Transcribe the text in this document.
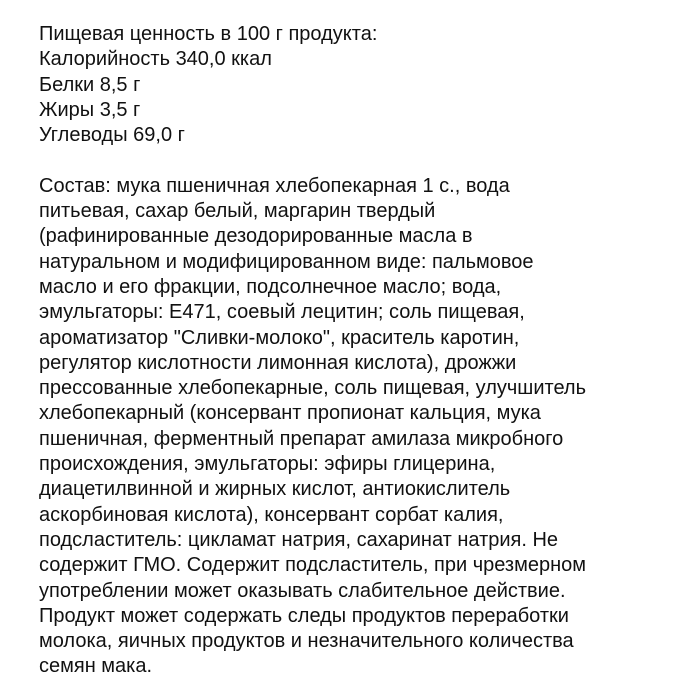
Пищевая ценность в 100 г продукта:
Калорийность 340,0 ккал
Белки 8,5 г
Жиры 3,5 г
Углеводы 69,0 г
Состав: мука пшеничная хлебопекарная 1 с., вода
питьевая, сахар белый, маргарин твердый
(рафинированные дезодорированные масла в
натуральном и модифицированном виде: пальмовое
масло и его фракции, подсолнечное масло; вода,
эмульгаторы: Е471, соевый лецитин; соль пищевая,
ароматизатор "Сливки-молоко", краситель каротин,
регулятор кислотности лимонная кислота), дрожжи
прессованные хлебопекарные, соль пищевая, улучшитель
хлебопекарный (консервант пропионат кальция, мука
пшеничная, ферментный препарат амилаза микробного
происхождения, эмульгаторы: эфиры глицерина,
диацетилвинной и жирных кислот, антиокислитель
аскорбиновая кислота), консервант сорбат калия,
подсластитель: цикламат натрия, сахаринат натрия. Не
содержит ГМО. Содержит подсластитель, при чрезмерном
употреблении может оказывать слабительное действие.
Продукт может содержать следы продуктов переработки
молока, яичных продуктов и незначительного количества
семян мака.
